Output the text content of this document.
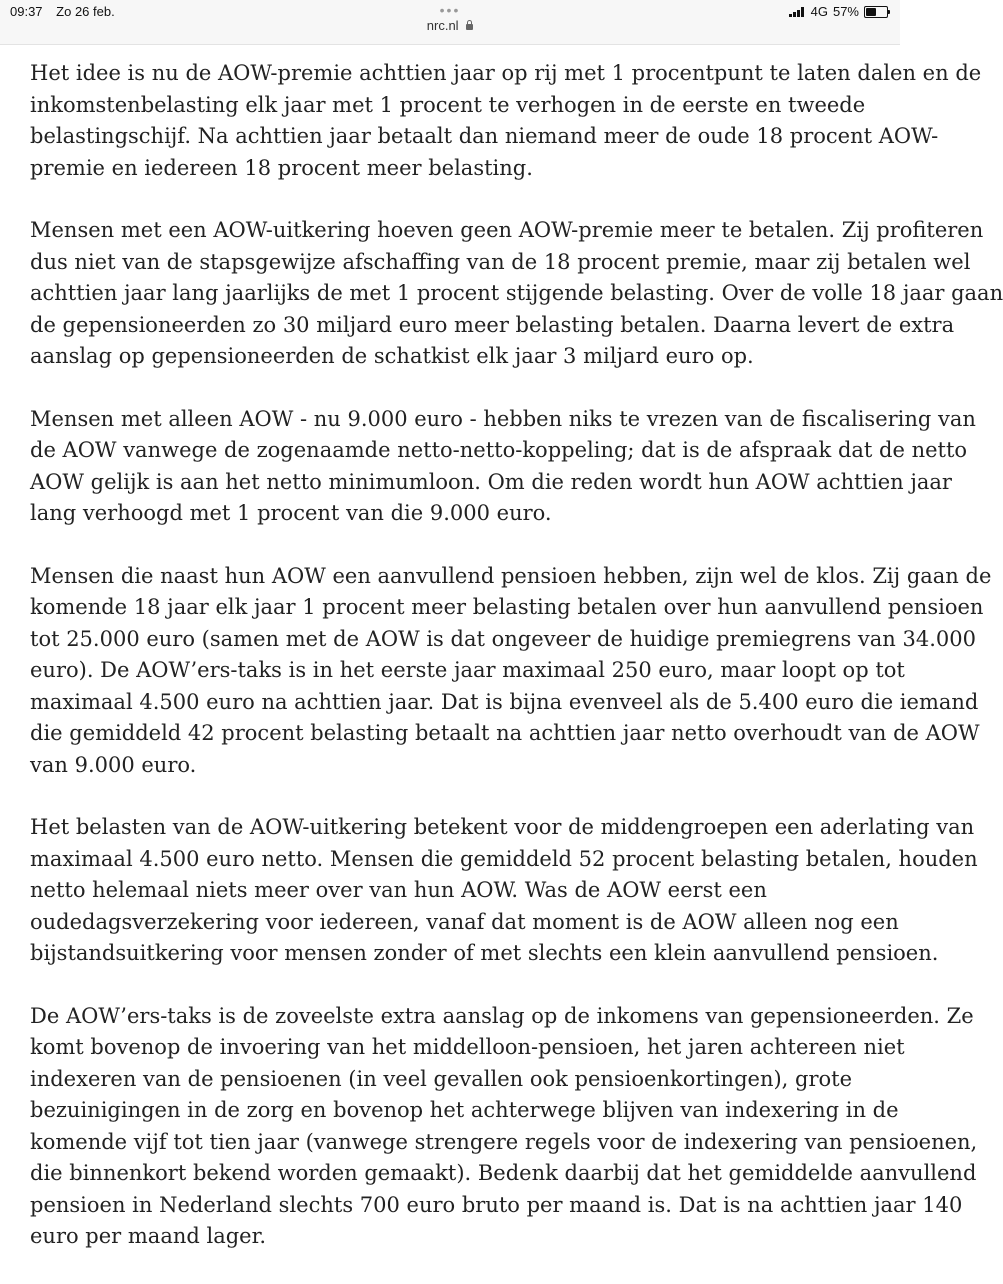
09:37 Zo 26 feb.	•••
nrc.nl
4G 57%

Het idee is nu de AOW-premie achttien jaar op rij met 1 procentpunt te laten dalen en de
inkomstenbelasting elk jaar met 1 procent te verhogen in de eerste en tweede
belastingschijf. Na achttien jaar betaalt dan niemand meer de oude 18 procent AOW-
premie en iedereen 18 procent meer belasting.

Mensen met een AOW-uitkering hoeven geen AOW-premie meer te betalen. Zij profiteren
dus niet van de stapsgewijze afschaffing van de 18 procent premie, maar zij betalen wel
achttien jaar lang jaarlijks de met 1 procent stijgende belasting. Over de volle 18 jaar gaan
de gepensioneerden zo 30 miljard euro meer belasting betalen. Daarna levert de extra
aanslag op gepensioneerden de schatkist elk jaar 3 miljard euro op.

Mensen met alleen AOW - nu 9.000 euro - hebben niks te vrezen van de fiscalisering van
de AOW vanwege de zogenaamde netto-netto-koppeling; dat is de afspraak dat de netto
AOW gelijk is aan het netto minimumloon. Om die reden wordt hun AOW achttien jaar
lang verhoogd met 1 procent van die 9.000 euro.

Mensen die naast hun AOW een aanvullend pensioen hebben, zijn wel de klos. Zij gaan de
komende 18 jaar elk jaar 1 procent meer belasting betalen over hun aanvullend pensioen
tot 25.000 euro (samen met de AOW is dat ongeveer de huidige premiegrens van 34.000
euro). De AOW’ers-taks is in het eerste jaar maximaal 250 euro, maar loopt op tot
maximaal 4.500 euro na achttien jaar. Dat is bijna evenveel als de 5.400 euro die iemand
die gemiddeld 42 procent belasting betaalt na achttien jaar netto overhoudt van de AOW
van 9.000 euro.

Het belasten van de AOW-uitkering betekent voor de middengroepen een aderlating van
maximaal 4.500 euro netto. Mensen die gemiddeld 52 procent belasting betalen, houden
netto helemaal niets meer over van hun AOW. Was de AOW eerst een
oudedagsverzekering voor iedereen, vanaf dat moment is de AOW alleen nog een
bijstandsuitkering voor mensen zonder of met slechts een klein aanvullend pensioen.

De AOW’ers-taks is de zoveelste extra aanslag op de inkomens van gepensioneerden. Ze
komt bovenop de invoering van het middelloon-pensioen, het jaren achtereen niet
indexeren van de pensioenen (in veel gevallen ook pensioenkortingen), grote
bezuinigingen in de zorg en bovenop het achterwege blijven van indexering in de
komende vijf tot tien jaar (vanwege strengere regels voor de indexering van pensioenen,
die binnenkort bekend worden gemaakt). Bedenk daarbij dat het gemiddelde aanvullend
pensioen in Nederland slechts 700 euro bruto per maand is. Dat is na achttien jaar 140
euro per maand lager.
